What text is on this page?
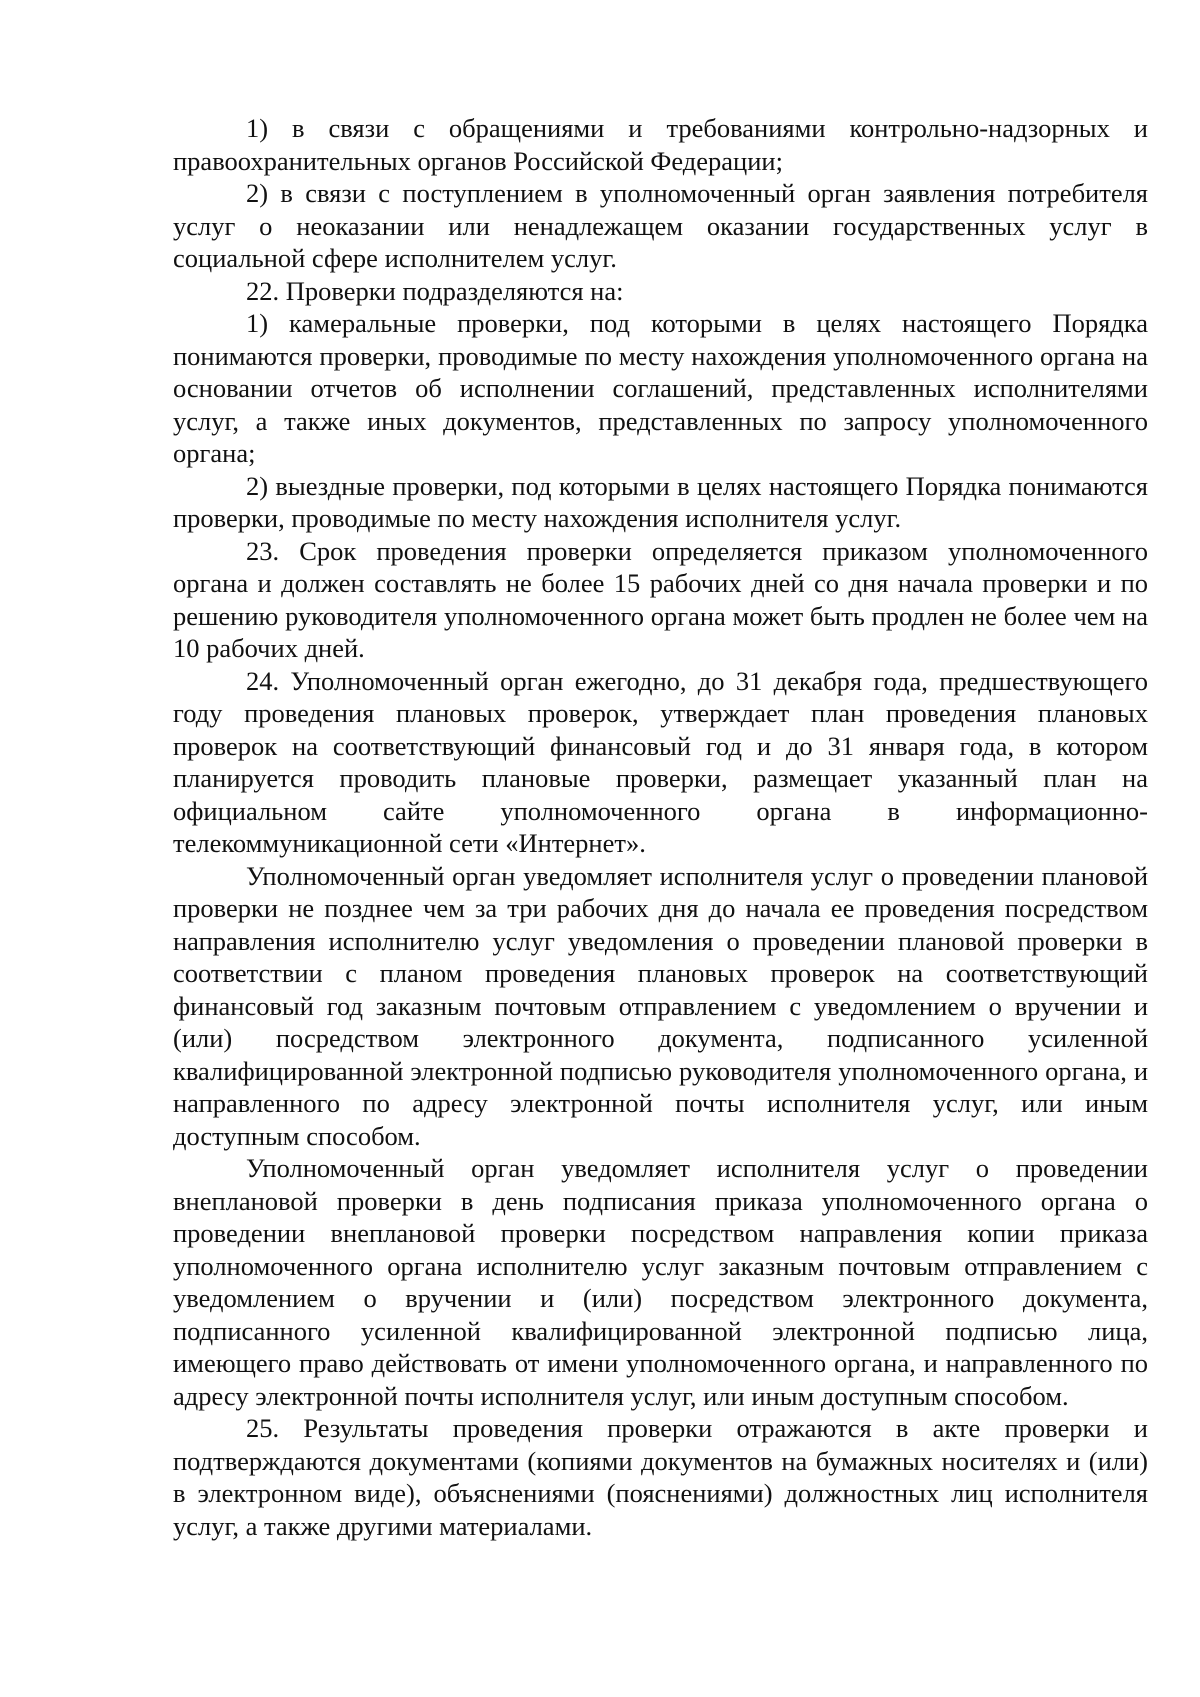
1) в связи с обращениями и требованиями контрольно-надзорных и правоохранительных органов Российской Федерации;

2) в связи с поступлением в уполномоченный орган заявления потребителя услуг о неоказании или ненадлежащем оказании государственных услуг в социальной сфере исполнителем услуг.

22. Проверки подразделяются на:

1) камеральные проверки, под которыми в целях настоящего Порядка понимаются проверки, проводимые по месту нахождения уполномоченного органа на основании отчетов об исполнении соглашений, представленных исполнителями услуг, а также иных документов, представленных по запросу уполномоченного органа;

2) выездные проверки, под которыми в целях настоящего Порядка понимаются проверки, проводимые по месту нахождения исполнителя услуг.

23. Срок проведения проверки определяется приказом уполномоченного органа и должен составлять не более 15 рабочих дней со дня начала проверки и по решению руководителя уполномоченного органа может быть продлен не более чем на 10 рабочих дней.

24. Уполномоченный орган ежегодно, до 31 декабря года, предшествующего году проведения плановых проверок, утверждает план проведения плановых проверок на соответствующий финансовый год и до 31 января года, в котором планируется проводить плановые проверки, размещает указанный план на официальном сайте уполномоченного органа в информационно-телекоммуникационной сети «Интернет».

Уполномоченный орган уведомляет исполнителя услуг о проведении плановой проверки не позднее чем за три рабочих дня до начала ее проведения посредством направления исполнителю услуг уведомления о проведении плановой проверки в соответствии с планом проведения плановых проверок на соответствующий финансовый год заказным почтовым отправлением с уведомлением о вручении и (или) посредством электронного документа, подписанного усиленной квалифицированной электронной подписью руководителя уполномоченного органа, и направленного по адресу электронной почты исполнителя услуг, или иным доступным способом.

Уполномоченный орган уведомляет исполнителя услуг о проведении внеплановой проверки в день подписания приказа уполномоченного органа о проведении внеплановой проверки посредством направления копии приказа уполномоченного органа исполнителю услуг заказным почтовым отправлением с уведомлением о вручении и (или) посредством электронного документа, подписанного усиленной квалифицированной электронной подписью лица, имеющего право действовать от имени уполномоченного органа, и направленного по адресу электронной почты исполнителя услуг, или иным доступным способом.

25. Результаты проведения проверки отражаются в акте проверки и подтверждаются документами (копиями документов на бумажных носителях и (или) в электронном виде), объяснениями (пояснениями) должностных лиц исполнителя услуг, а также другими материалами.
